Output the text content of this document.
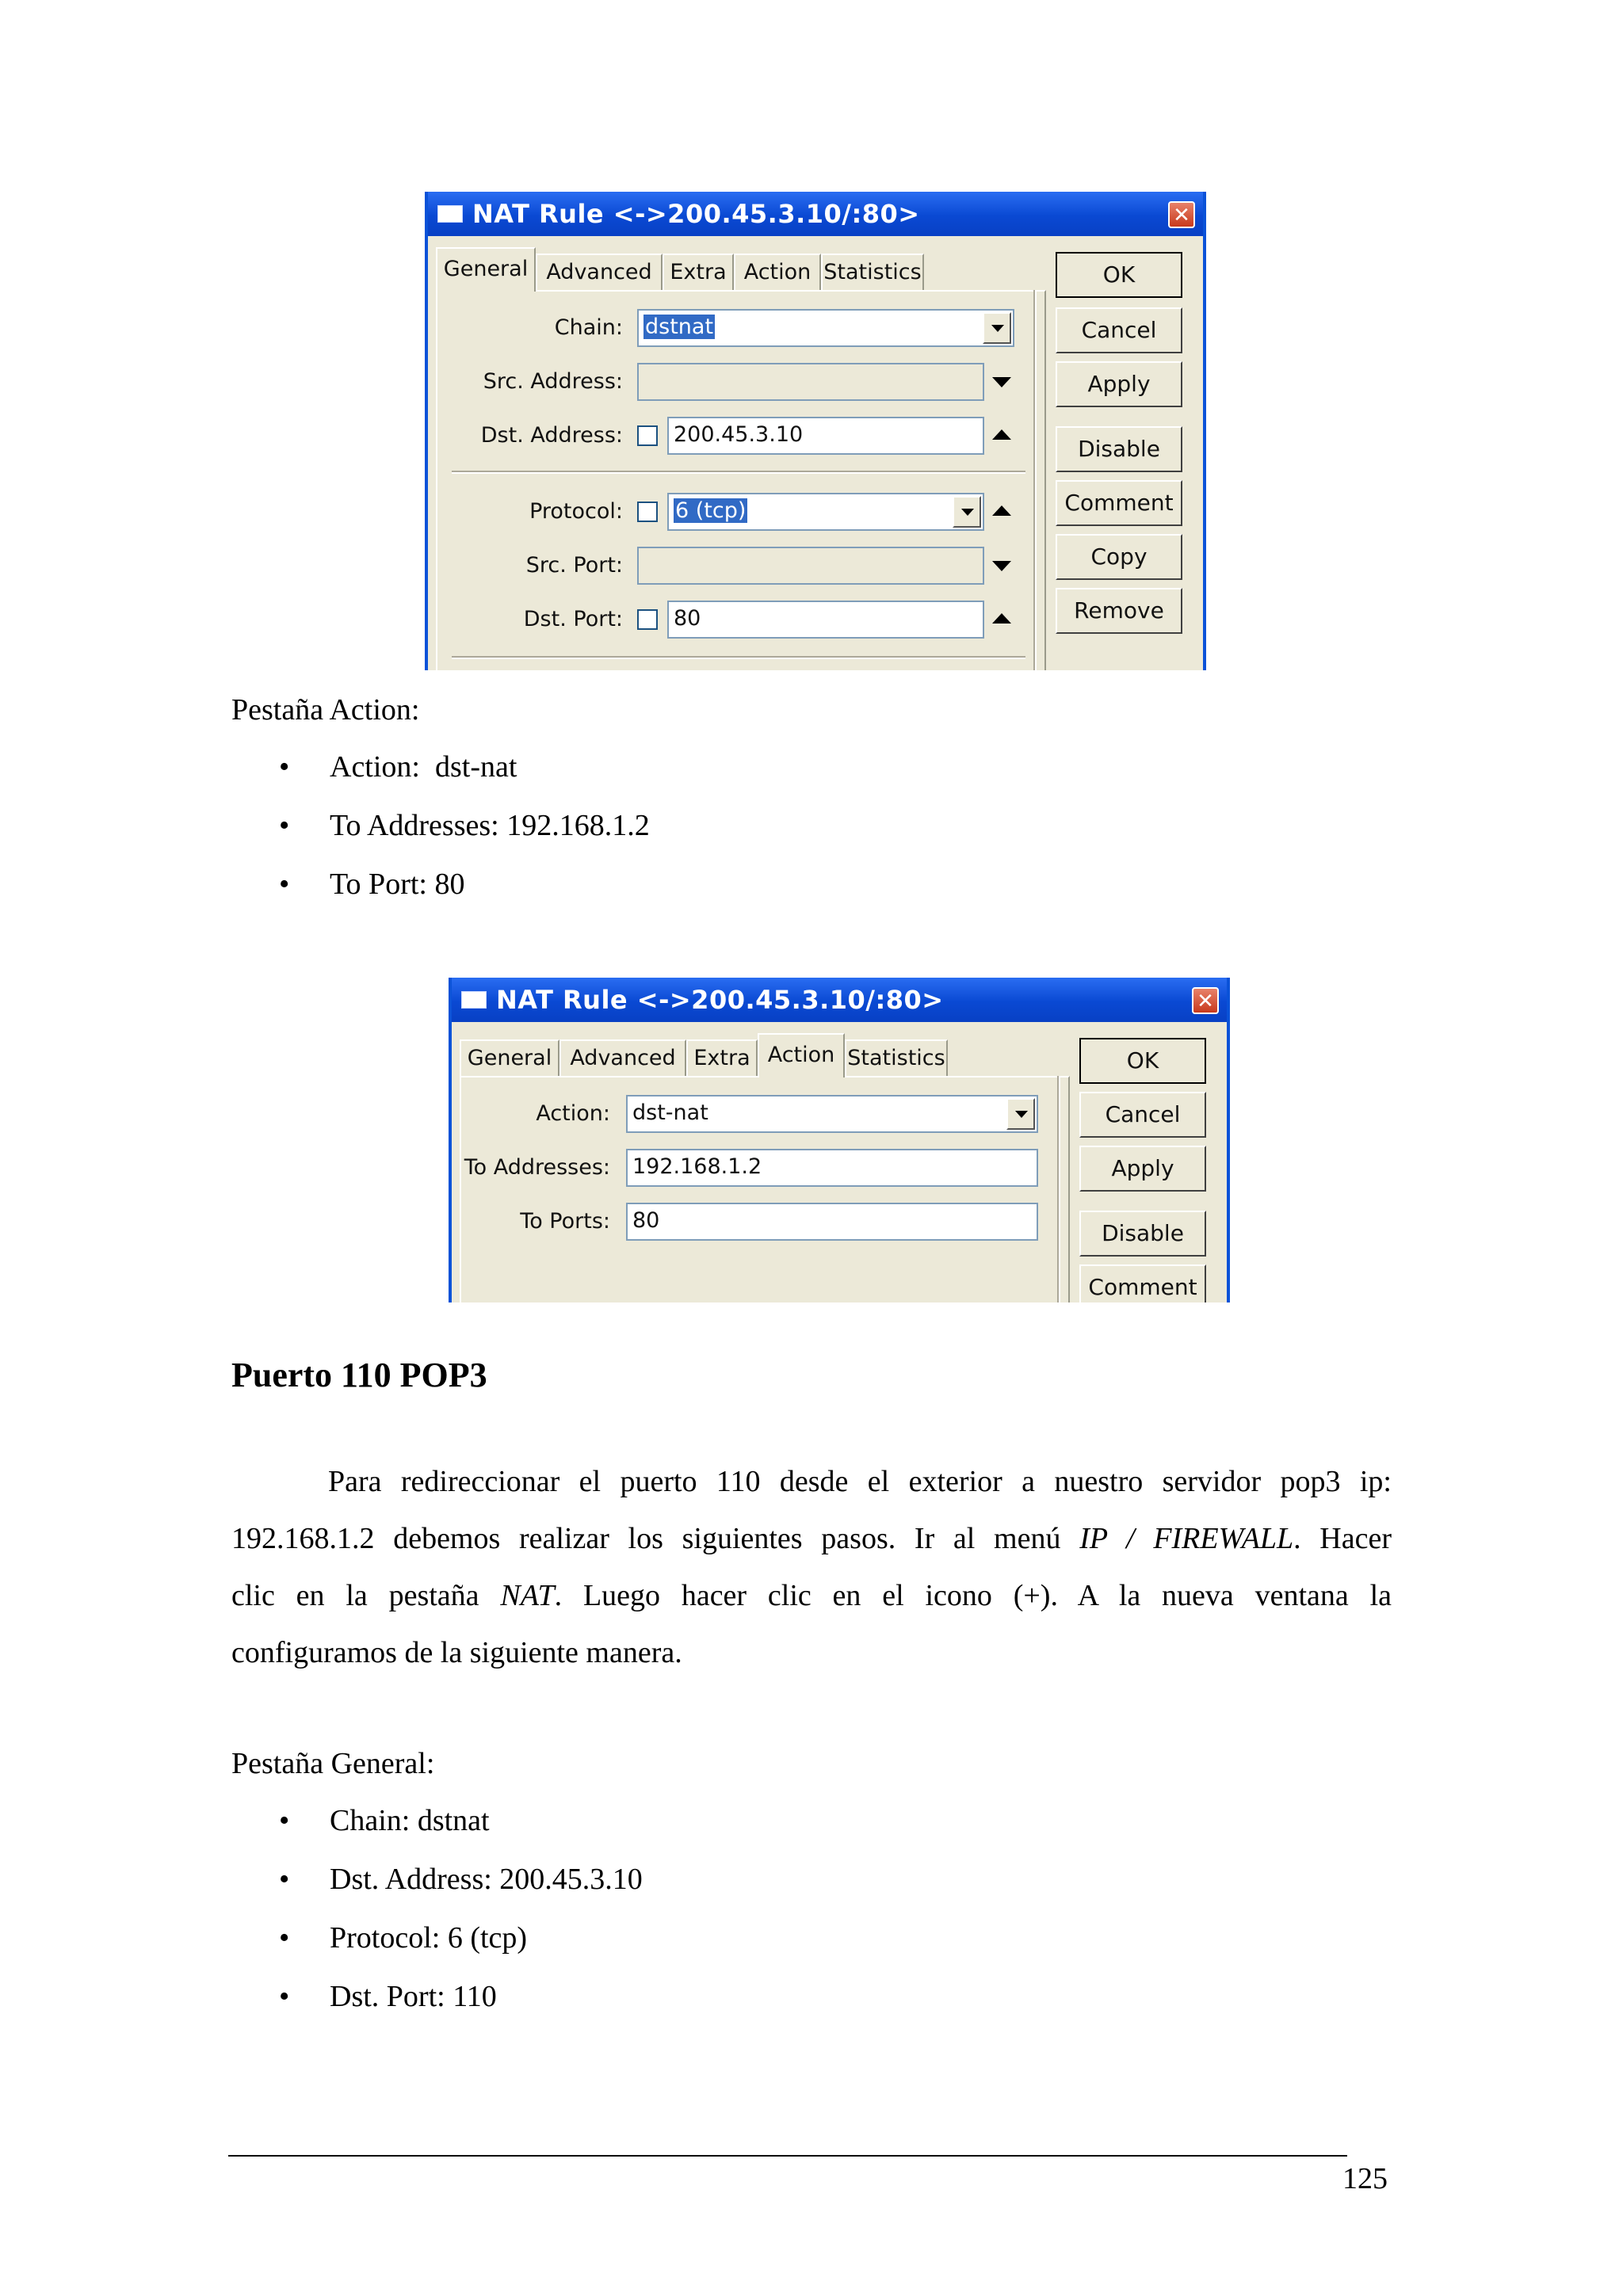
NAT Rule <->200.45.3.10/:80>	✕
General Advanced Extra Action Statistics
Chain:	dstnat
Src. Address:
Dst. Address: 200.45.3.10
Protocol:	6 (tcp)
Src. Port:
Dst. Port: 80
OK
Cancel
Apply
Disable
Comment
Copy
Remove
Pestaña Action:
• Action:  dst-nat
• To Addresses: 192.168.1.2
• To Port: 80
NAT Rule <->200.45.3.10/:80>	✕
General Advanced Extra Action Statistics
Action: dst-nat
To Addresses: 192.168.1.2
To Ports: 80
OK
Cancel
Apply
Disable
Comment
Puerto 110 POP3
Para redireccionar el puerto 110 desde el exterior a nuestro servidor pop3 ip:
192.168.1.2 debemos realizar los siguientes pasos. Ir al menú IP / FIREWALL. Hacer
clic en la pestaña NAT. Luego hacer clic en el icono (+). A la nueva ventana la
configuramos de la siguiente manera.
Pestaña General:
• Chain: dstnat
• Dst. Address: 200.45.3.10
• Protocol: 6 (tcp)
• Dst. Port: 110
125
